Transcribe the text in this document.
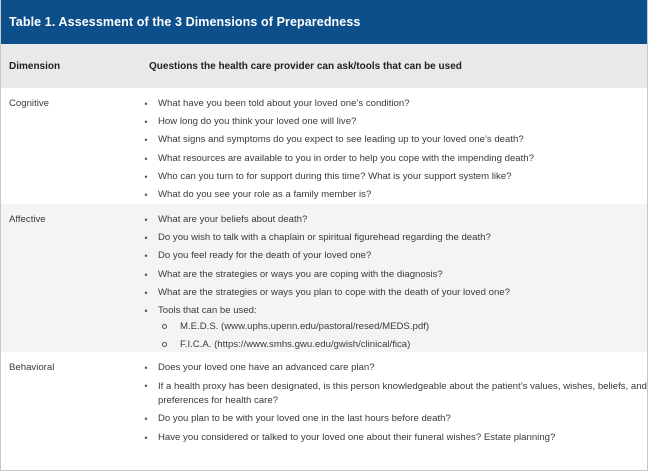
Table 1. Assessment of the 3 Dimensions of Preparedness
Dimension	Questions the health care provider can ask/tools that can be used
Cognitive	•	What have you been told about your loved one’s condition?
•	How long do you think your loved one will live?
•	What signs and symptoms do you expect to see leading up to your loved one’s death?
•	What resources are available to you in order to help you cope with the impending death?
•	Who can you turn to for support during this time? What is your support system like?
•	What do you see your role as a family member is?
Affective	•	What are your beliefs about death?
•	Do you wish to talk with a chaplain or spiritual figurehead regarding the death?
•	Do you feel ready for the death of your loved one?
•	What are the strategies or ways you are coping with the diagnosis?
•	What are the strategies or ways you plan to cope with the death of your loved one?
•	Tools that can be used:
M.E.D.S. (www.uphs.upenn.edu/pastoral/resed/MEDS.pdf)
F.I.C.A. (https://www.smhs.gwu.edu/gwish/clinical/fica)
Behavioral	•	Does your loved one have an advanced care plan?
•	If a health proxy has been designated, is this person knowledgeable about the patient’s values, wishes, beliefs, and preferences for health care?
•	Do you plan to be with your loved one in the last hours before death?
•	Have you considered or talked to your loved one about their funeral wishes? Estate planning?
